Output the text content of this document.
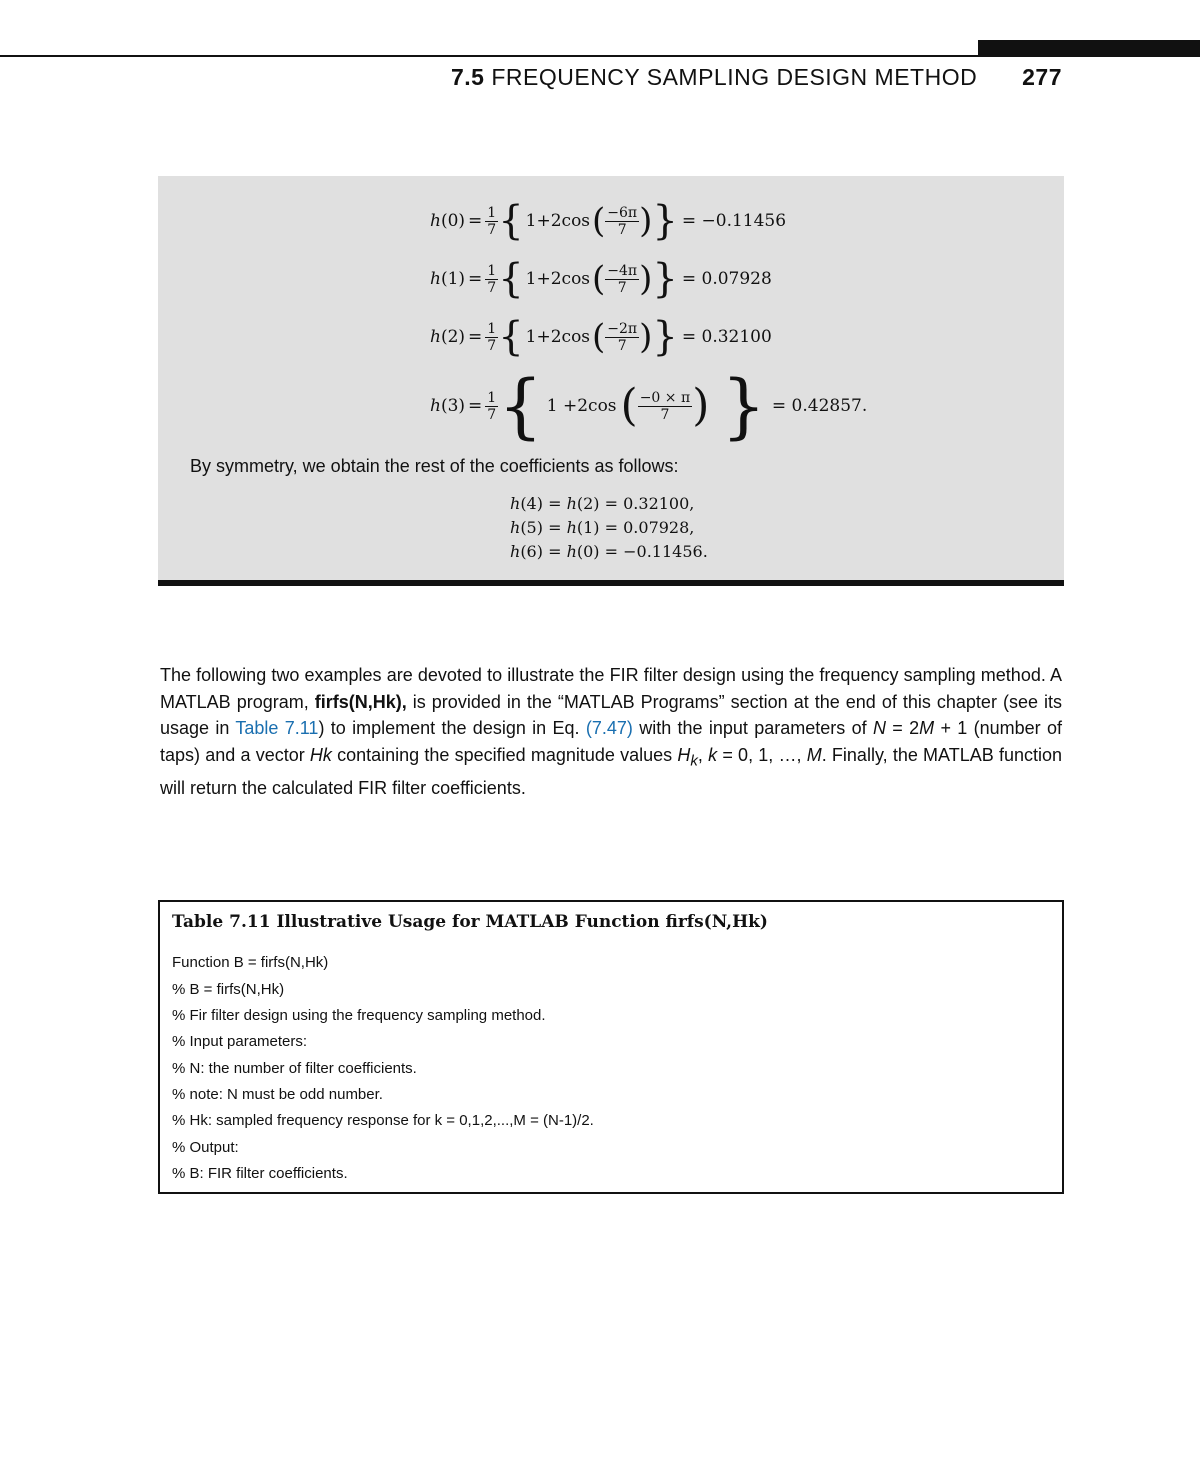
7.5 FREQUENCY SAMPLING DESIGN METHOD 277
$h(0) = \frac{1}{7}$ { 1+2cos ( $\frac{-6\pi}{7}$ ) } = −0.11456
$h(1) = \frac{1}{7}$ { 1+2cos ( $\frac{-4\pi}{7}$ ) } = 0.07928
$h(2) = \frac{1}{7}$ { 1+2cos ( $\frac{-2\pi}{7}$ ) } = 0.32100
$h(3) = \frac{1}{7}$ { 1 +2cos ( $\frac{-0 \times \pi}{7}$ ) } = 0.42857.
By symmetry, we obtain the rest of the coefficients as follows:
h(4) = h(2) = 0.32100,
h(5) = h(1) = 0.07928,
h(6) = h(0) = −0.11456.
The following two examples are devoted to illustrate the FIR filter design using the frequency sampling method. A MATLAB program, firfs(N,Hk), is provided in the “MATLAB Programs” section at the end of this chapter (see its usage in Table 7.11) to implement the design in Eq. (7.47) with the input parameters of N = 2M + 1 (number of taps) and a vector Hk containing the specified magnitude values $H_k$, k = 0, 1, …, M. Finally, the MATLAB function will return the calculated FIR filter coefficients.
Table 7.11 Illustrative Usage for MATLAB Function firfs(N,Hk)
Function B = firfs(N,Hk)
% B = firfs(N,Hk)
% Fir filter design using the frequency sampling method.
% Input parameters:
% N: the number of filter coefficients.
% note: N must be odd number.
% Hk: sampled frequency response for k = 0,1,2,...,M = (N-1)/2.
% Output:
% B: FIR filter coefficients.
